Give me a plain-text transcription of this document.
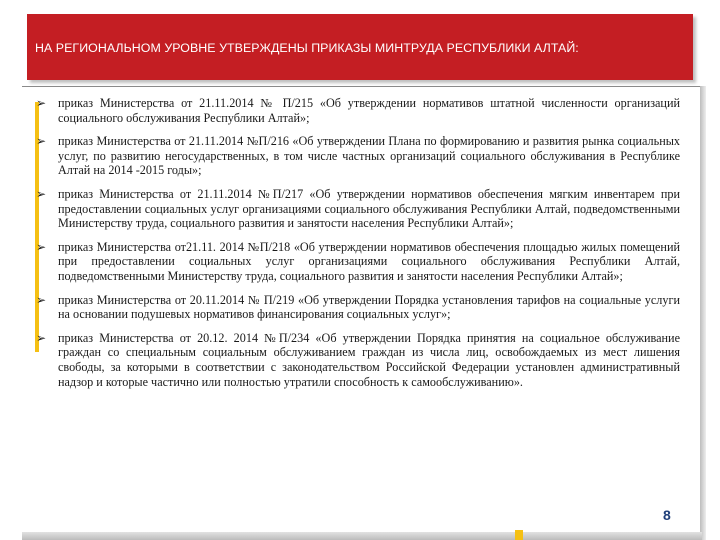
НА РЕГИОНАЛЬНОМ УРОВНЕ УТВЕРЖДЕНЫ ПРИКАЗЫ МИНТРУДА РЕСПУБЛИКИ АЛТАЙ:
➢ приказ Министерства от 21.11.2014 № П/215 «Об утверждении нормативов штатной численности организаций социального обслуживания Республики Алтай»;
➢ приказ Министерства от 21.11.2014 №П/216 «Об утверждении Плана по формированию и развития рынка социальных услуг, по развитию негосударственных, в том числе частных организаций социального обслуживания в Республике Алтай на 2014 -2015 годы»;
➢ приказ Министерства от 21.11.2014 №П/217 «Об утверждении нормативов обеспечения мягким инвентарем при предоставлении социальных услуг организациями социального обслуживания Республики Алтай, подведомственными Министерству труда, социального развития и занятости населения Республики Алтай»;
➢ приказ Министерства от21.11. 2014 №П/218 «Об утверждении нормативов обеспечения площадью жилых помещений при предоставлении социальных услуг организациями социального обслуживания Республики Алтай, подведомственными Министерству труда, социального развития и занятости населения Республики Алтай»;
➢ приказ Министерства от 20.11.2014 № П/219 «Об утверждении Порядка установления тарифов на социальные услуги на основании подушевых нормативов финансирования социальных услуг»;
➢ приказ Министерства от 20.12. 2014 №П/234 «Об утверждении Порядка принятия на социальное обслуживание граждан со специальным социальным обслуживанием граждан из числа лиц, освобождаемых из мест лишения свободы, за которыми в соответствии с законодательством Российской Федерации установлен административный надзор и которые частично или полностью утратили способность к самообслуживанию».

8
